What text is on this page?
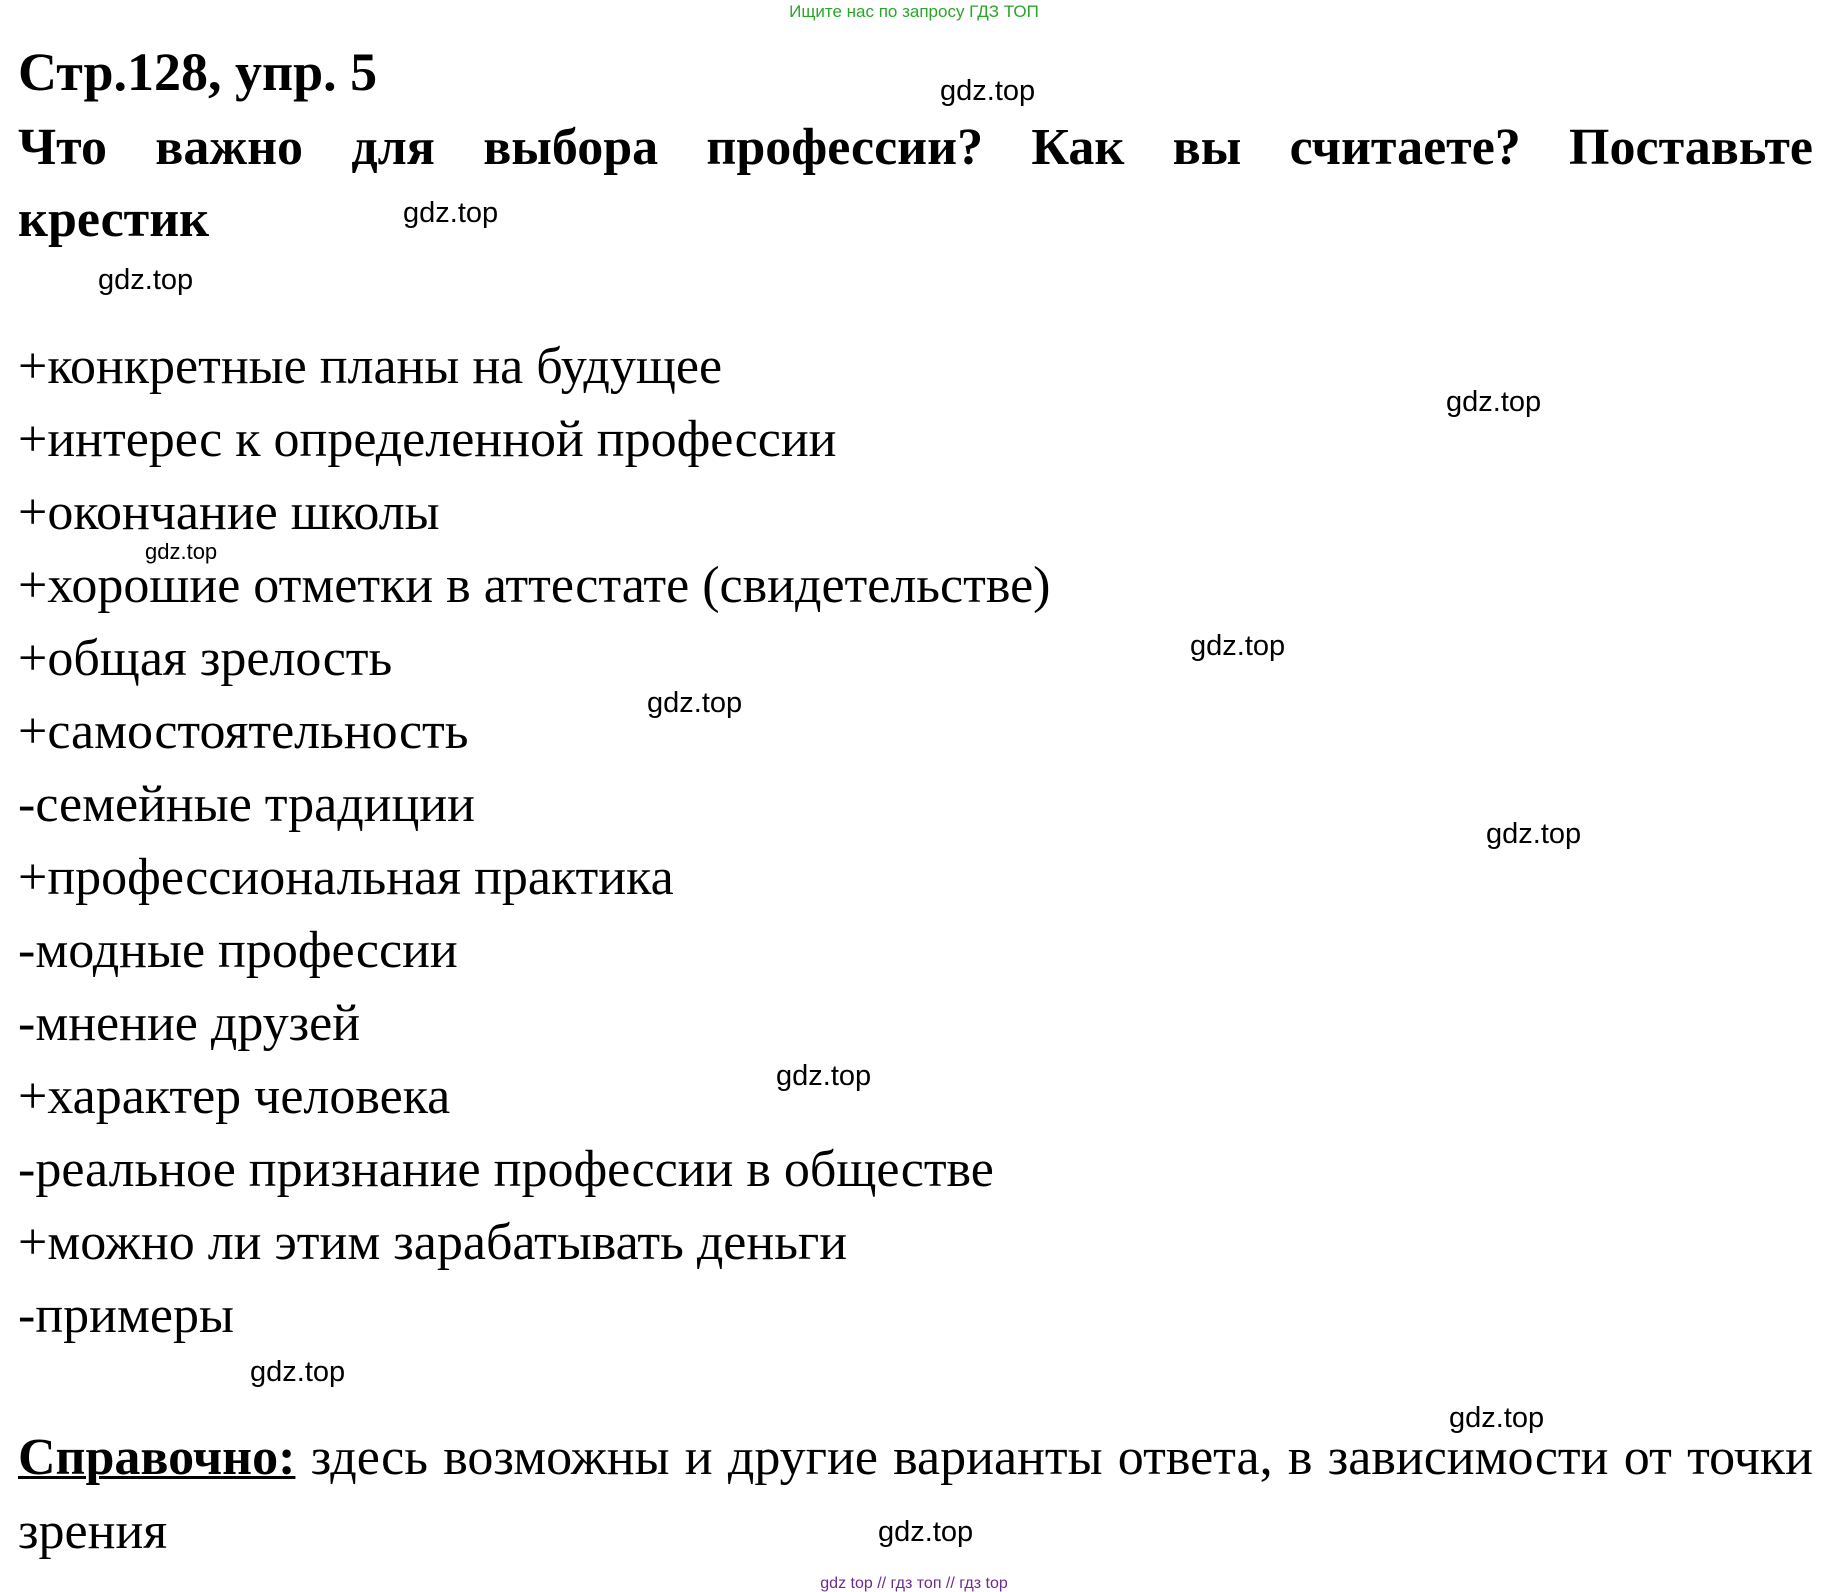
Ищите нас по запросу ГДЗ ТОП
Стр.128, упр. 5
Что важно для выбора профессии? Как вы считаете? Поставьте крестик
+конкретные планы на будущее
+интерес к определенной профессии
+окончание школы
+хорошие отметки в аттестате (свидетельстве)
+общая зрелость
+самостоятельность
-семейные традиции
+профессиональная практика
-модные профессии
-мнение друзей
+характер человека
-реальное признание профессии в обществе
+можно ли этим зарабатывать деньги
-примеры
Справочно: здесь возможны и другие варианты ответа, в зависимости от точки зрения
gdz.top
gdz.top
gdz.top
gdz.top
gdz.top
gdz.top
gdz.top
gdz.top
gdz.top
gdz.top
gdz.top
gdz.top
gdz top // гдз топ // гдз top
